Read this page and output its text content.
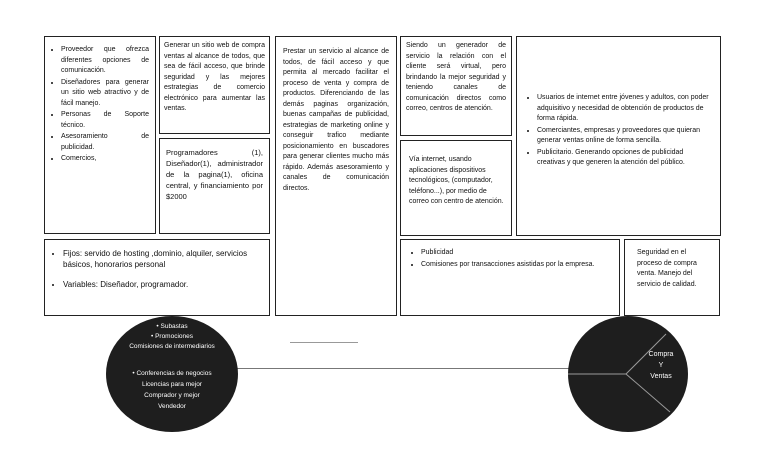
• Proveedor que ofrezca diferentes opciones de comunicación.
• Diseñadores para generar un sitio web atractivo y de fácil manejo.
• Personas de Soporte técnico.
• Asesoramiento de publicidad.
• Comercios,
Generar un sitio web de compra ventas al alcance de todos, que sea de fácil acceso, que brinde seguridad y las mejores estrategias de comercio electrónico para aumentar las ventas.
Programadores (1), Diseñador(1), administrador de la pagina(1), oficina central, y financiamiento por $2000
Prestar un servicio al alcance de todos, de fácil acceso y que permita al mercado facilitar el proceso de venta y compra de productos. Diferenciando de las demás paginas organización, buenas campañas de publicidad, estrategias de marketing online y conseguir trafico mediante posicionamiento en buscadores para generar clientes mucho más rápido. Además asesoramiento y canales de comunicación directos.
Siendo un generador de servicio la relación con el cliente será virtual, pero brindando la mejor seguridad y teniendo canales de comunicación directos como correo, centros de atención.
Vía internet, usando aplicaciones dispositivos tecnológicos, (computador, teléfono...), por medio de correo con centro de atención.
• Usuarios de internet entre jóvenes y adultos, con poder adquisitivo y necesidad de obtención de productos de forma rápida.
• Comerciantes, empresas y proveedores que quieran generar ventas online de forma sencilla.
• Publicitario. Generando opciones de publicidad creativas y que generen la atención del público.
• Fijos: servido de hosting ,dominio, alquiler, servicios básicos, honorarios personal
• Variables: Diseñador, programador.
• Publicidad
• Comisiones por transacciones asistidas por la empresa.
Seguridad en el proceso de compra venta. Manejo del servicio de calidad.
• Subastas
• Promociones
Comisiones de intermediarios
• Conferencias de negocios
Licencias para mejor
Comprador y mejor
Vendedor
Compra
Y
Ventas
